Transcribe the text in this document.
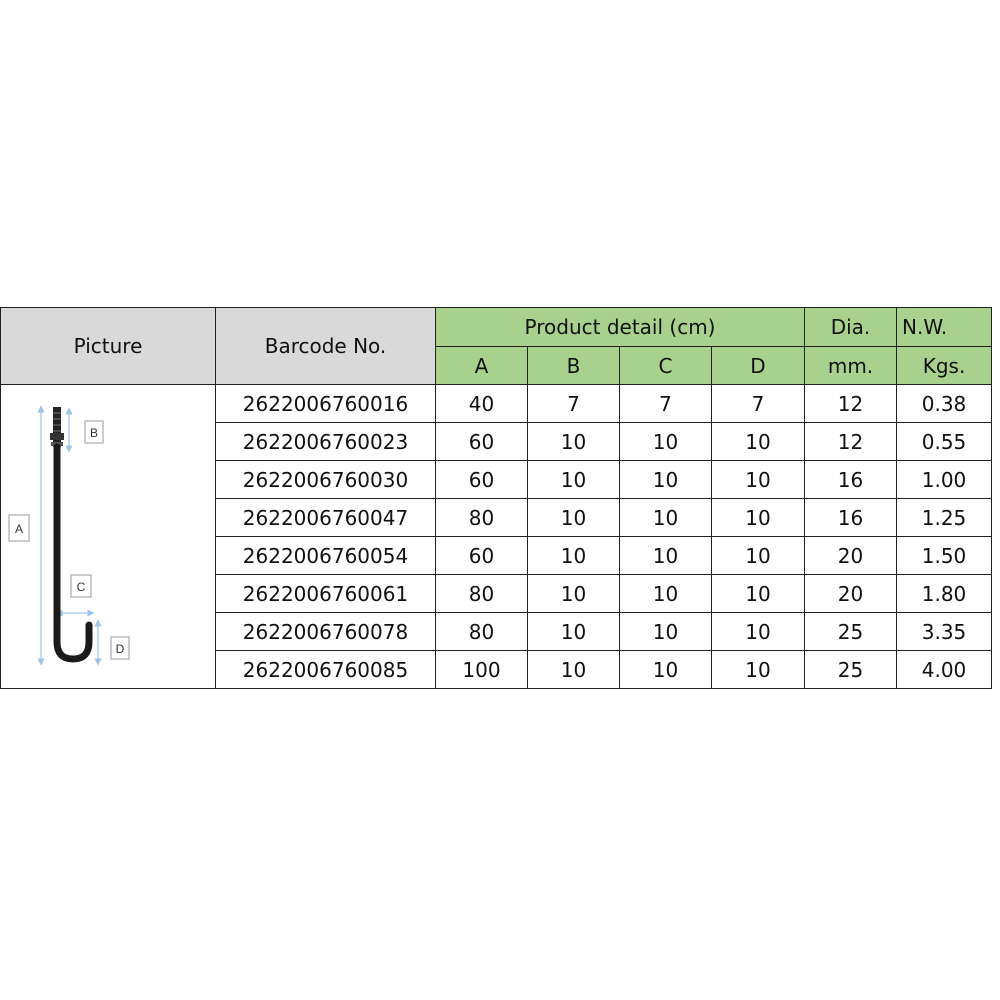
Picture	Barcode No.	Product detail (cm)				Dia.	N.W.
		A	B	C	D	mm.	Kgs.

B
A
C
D	2622006760016	40	7	7	7	12	0.38
	2622006760023	60	10	10	10	12	0.55
	2622006760030	60	10	10	10	16	1.00
	2622006760047	80	10	10	10	16	1.25
	2622006760054	60	10	10	10	20	1.50
	2622006760061	80	10	10	10	20	1.80
	2622006760078	80	10	10	10	25	3.35
	2622006760085	100	10	10	10	25	4.00
